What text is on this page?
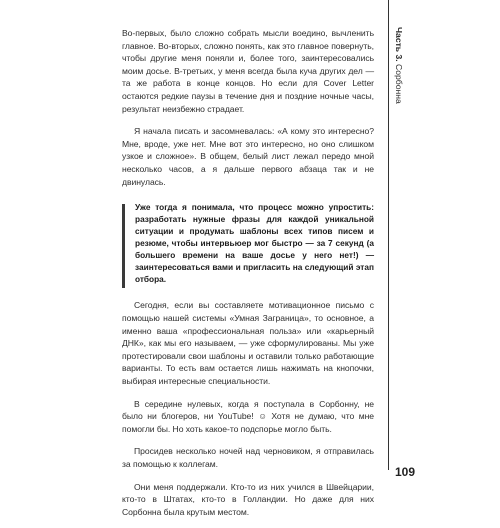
Во-первых, было сложно собрать мысли воедино, вычленить главное. Во-вторых, сложно понять, как это главное повернуть, чтобы другие меня поняли и, более того, заинтересовались моим досье. В-третьих, у меня всегда была куча других дел — та же работа в конце концов. Но если для Cover Letter остаются редкие паузы в течение дня и поздние ночные часы, результат неизбежно страдает.

Я начала писать и засомневалась: «А кому это интересно? Мне, вроде, уже нет. Мне вот это интересно, но оно слишком узкое и сложное». В общем, белый лист лежал передо мной несколько часов, а я дальше первого абзаца так и не двинулась.

Уже тогда я понимала, что процесс можно упростить: разработать нужные фразы для каждой уникальной ситуации и продумать шаблоны всех типов писем и резюме, чтобы интервьюер мог быстро — за 7 секунд (а большего времени на ваше досье у него нет!) — заинтересоваться вами и пригласить на следующий этап отбора.

Сегодня, если вы составляете мотивационное письмо с помощью нашей системы «Умная Заграница», то основное, а именно ваша «профессиональная польза» или «карьерный ДНК», как мы его называем, — уже сформулированы. Мы уже протестировали свои шаблоны и оставили только работающие варианты. То есть вам остается лишь нажимать на кнопочки, выбирая интересные специальности.

В середине нулевых, когда я поступала в Сорбонну, не было ни блогеров, ни YouTube! ☺ Хотя не думаю, что мне помогли бы. Но хоть какое-то подспорье могло быть.

Просидев несколько ночей над черновиком, я отправилась за помощью к коллегам.

Они меня поддержали. Кто-то из них учился в Швейцарии, кто-то в Штатах, кто-то в Голландии. Но даже для них Сорбонна была крутым местом.

Часть 3. Сорбонна
109
